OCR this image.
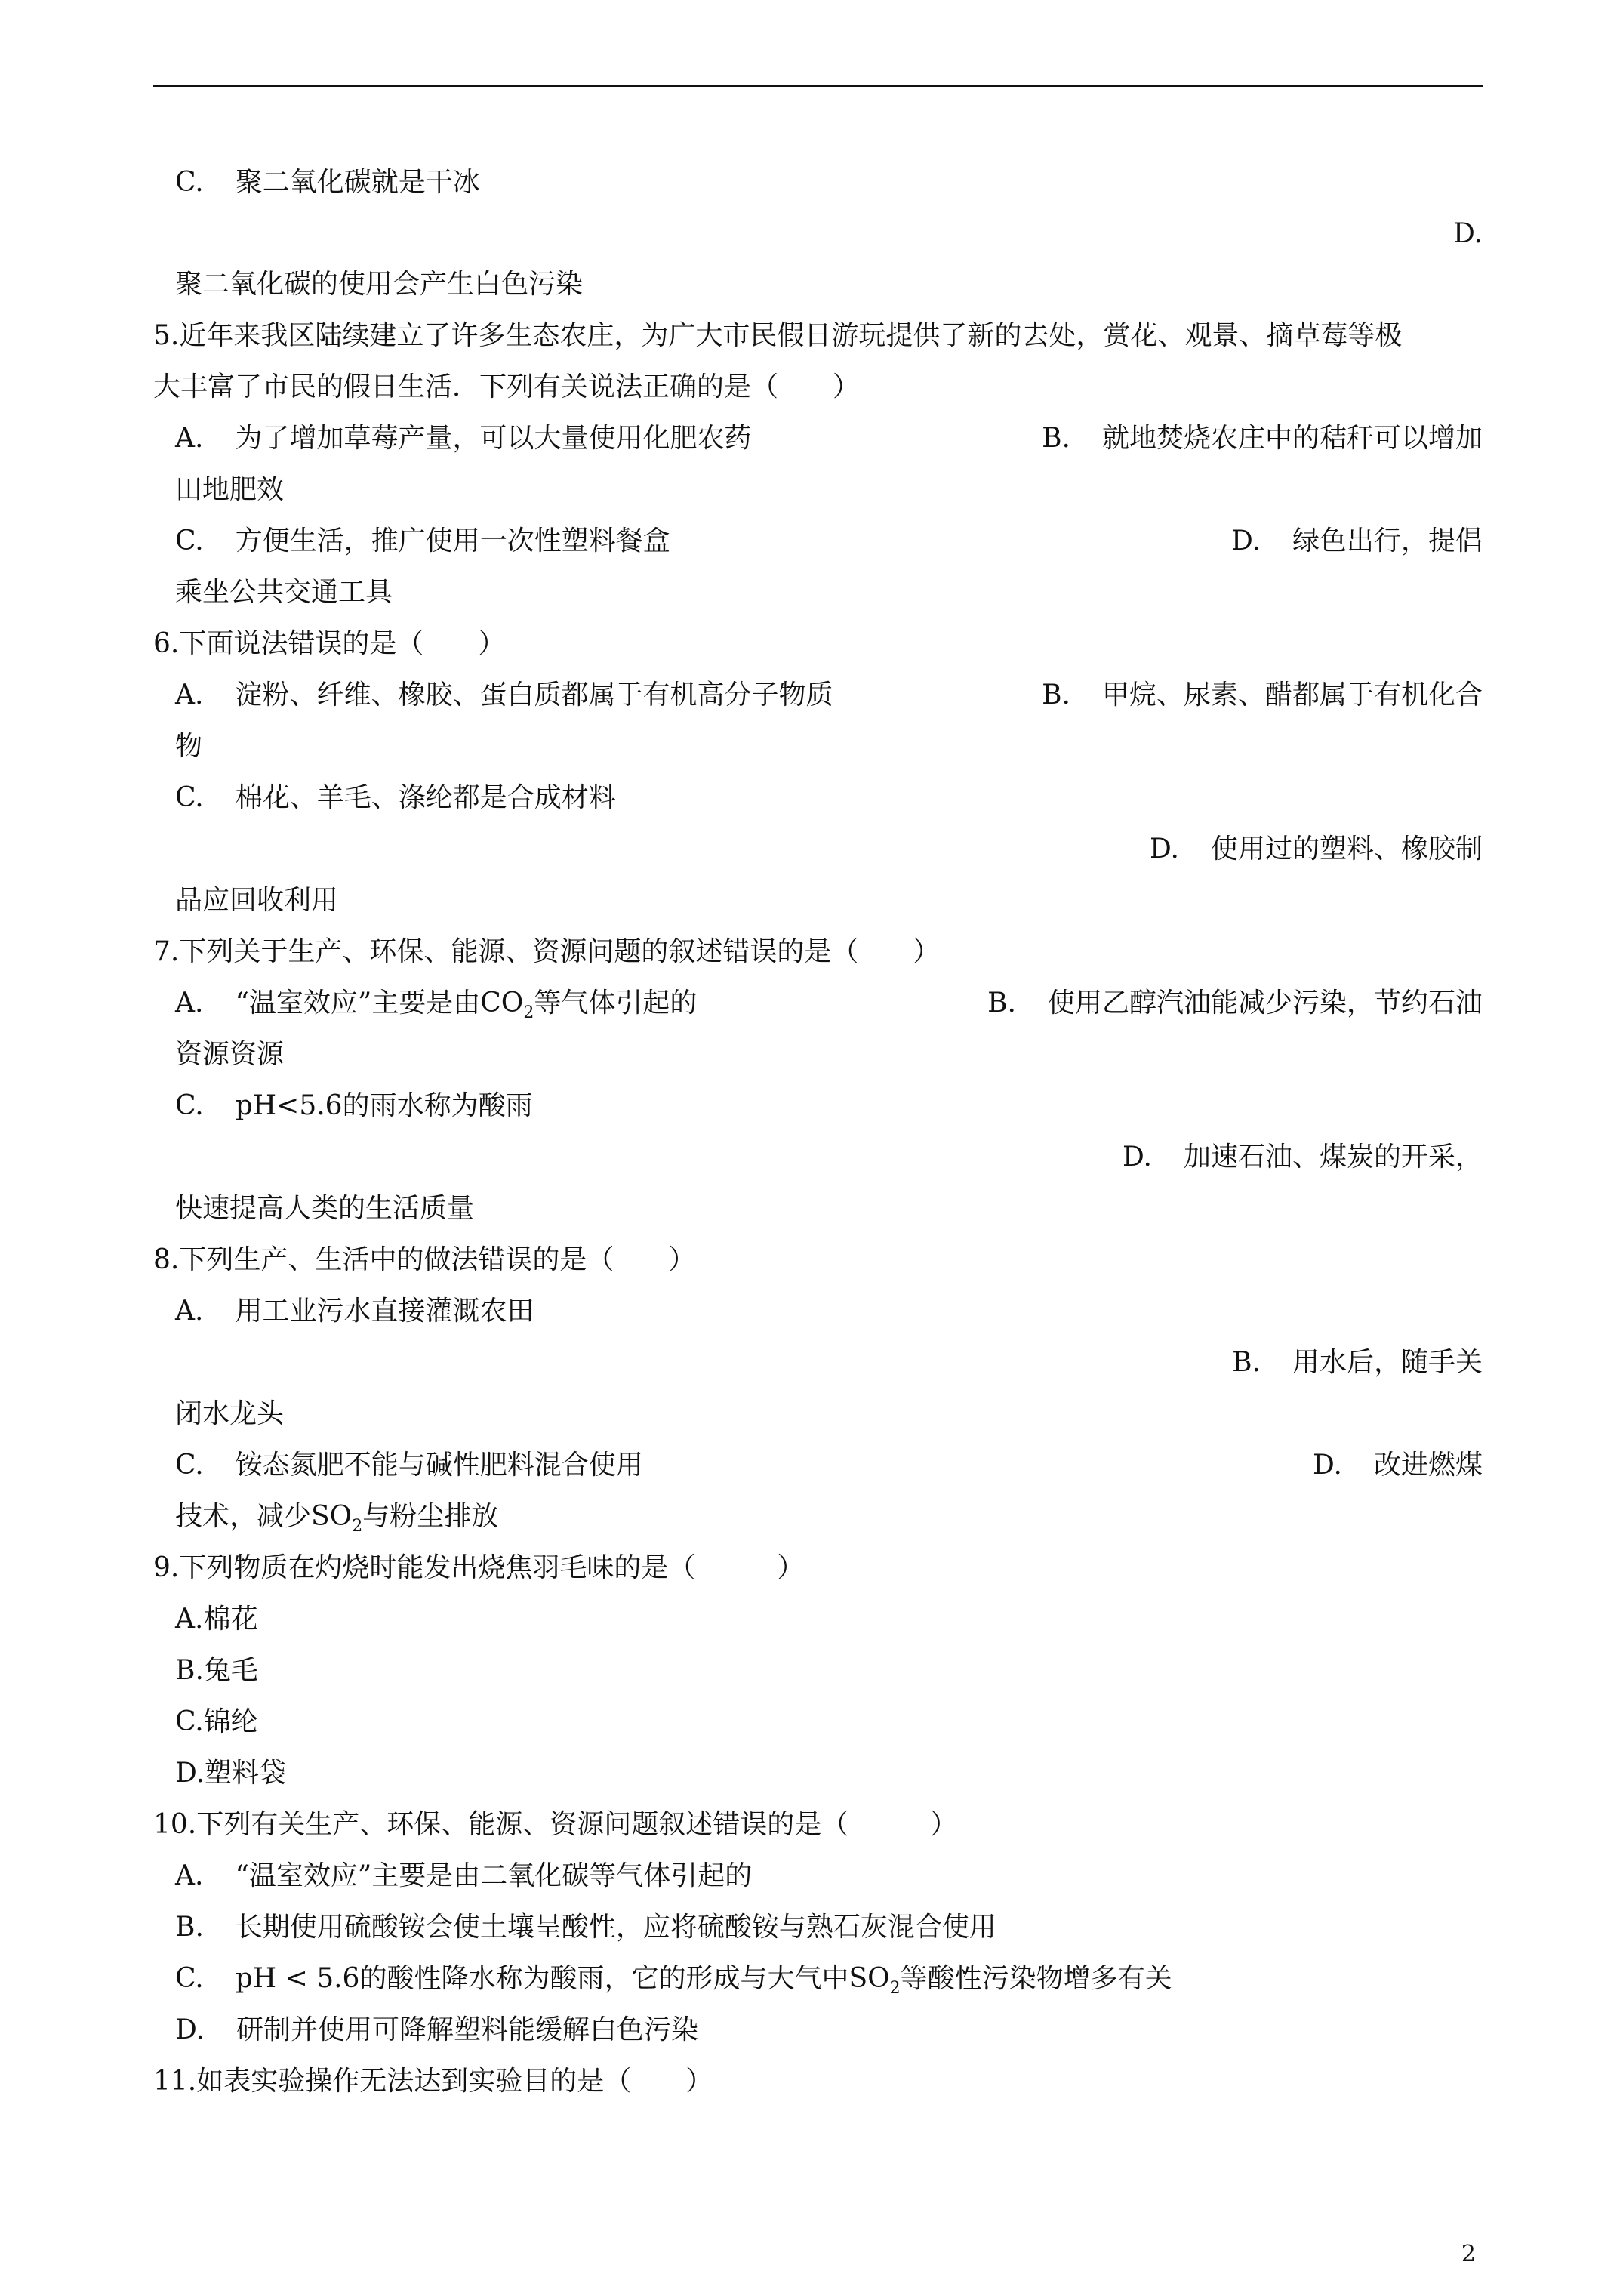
C. 聚二氧化碳就是干冰
D.
聚二氧化碳的使用会产生白色污染
5.近年来我区陆续建立了许多生态农庄，为广大市民假日游玩提供了新的去处，赏花、观景、摘草莓等极
大丰富了市民的假日生活．下列有关说法正确的是（　　）
A. 为了增加草莓产量，可以大量使用化肥农药	B. 就地焚烧农庄中的秸秆可以增加
田地肥效
C. 方便生活，推广使用一次性塑料餐盒	D. 绿色出行，提倡
乘坐公共交通工具
6.下面说法错误的是（　　）
A. 淀粉、纤维、橡胶、蛋白质都属于有机高分子物质	B. 甲烷、尿素、醋都属于有机化合
物
C. 棉花、羊毛、涤纶都是合成材料
D. 使用过的塑料、橡胶制
品应回收利用
7.下列关于生产、环保、能源、资源问题的叙述错误的是（　　）
A. “温室效应”主要是由$CO_2$等气体引起的	B. 使用乙醇汽油能减少污染，节约石油
资源资源
C. pH<5.6的雨水称为酸雨
D. 加速石油、煤炭的开采，
快速提高人类的生活质量
8.下列生产、生活中的做法错误的是（　　）
A. 用工业污水直接灌溉农田
B. 用水后，随手关
闭水龙头
C. 铵态氮肥不能与碱性肥料混合使用	D. 改进燃煤
技术，减少$SO_2$与粉尘排放
9.下列物质在灼烧时能发出烧焦羽毛味的是（　　　）
A.棉花
B.兔毛
C.锦纶
D.塑料袋
10.下列有关生产、环保、能源、资源问题叙述错误的是（　　　）
A. “温室效应”主要是由二氧化碳等气体引起的
B. 长期使用硫酸铵会使土壤呈酸性，应将硫酸铵与熟石灰混合使用
C. pH < 5.6的酸性降水称为酸雨，它的形成与大气中$SO_2$等酸性污染物增多有关
D. 研制并使用可降解塑料能缓解白色污染
11.如表实验操作无法达到实验目的是（　　）
2
